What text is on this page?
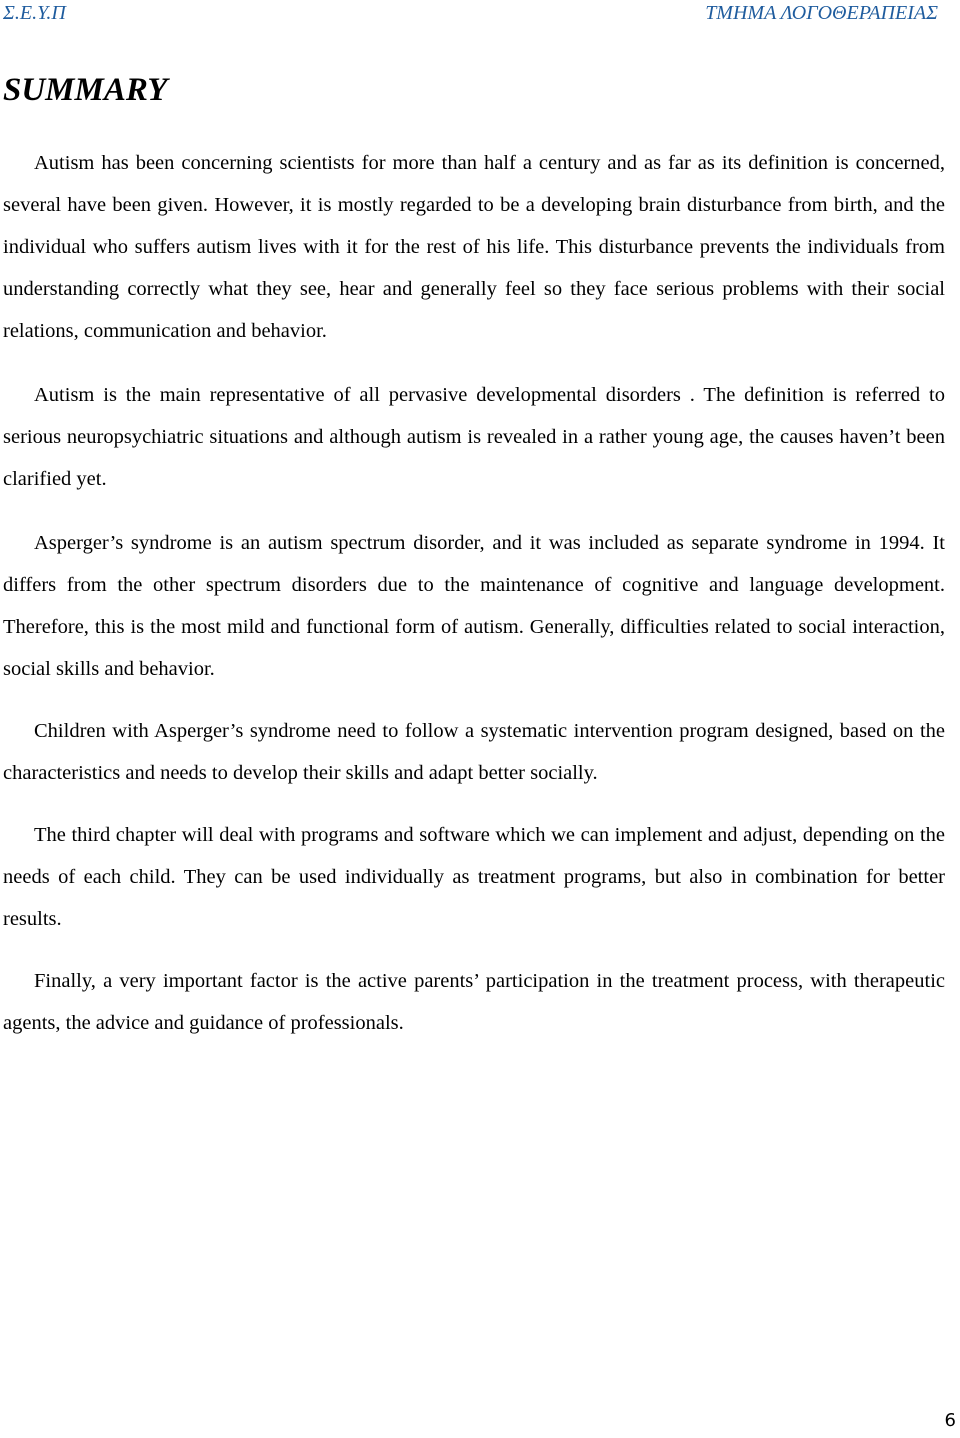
Σ.Ε.Υ.Π	ΤΜΗΜΑ ΛΟΓΟΘΕΡΑΠΕΙΑΣ
SUMMARY

Autism has been concerning scientists for more than half a century and as far as its definition is concerned, several have been given. However, it is mostly regarded to be a developing brain disturbance from birth, and the individual who suffers autism lives with it for the rest of his life. This disturbance prevents the individuals from understanding correctly what they see, hear and generally feel so they face serious problems with their social relations, communication and behavior.

Autism is the main representative of all pervasive developmental disorders . The definition is referred to serious neuropsychiatric situations and although autism is revealed in a rather young age, the causes haven’t been clarified yet.

Asperger’s syndrome is an autism spectrum disorder, and it was included as separate syndrome in 1994. It differs from the other spectrum disorders due to the maintenance of cognitive and language development. Therefore, this is the most mild and functional form of autism. Generally, difficulties related to social interaction, social skills and behavior.

Children with Asperger’s syndrome need to follow a systematic intervention program designed, based on the characteristics and needs to develop their skills and adapt better socially.

The third chapter will deal with programs and software which we can implement and adjust, depending on the needs of each child. They can be used individually as treatment programs, but also in combination for better results.

Finally, a very important factor is the active parents’ participation in the treatment process, with therapeutic agents, the advice and guidance of professionals.

6
